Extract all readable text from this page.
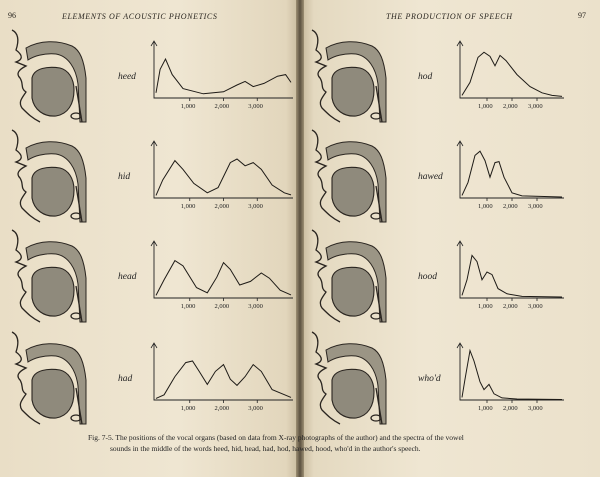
96	ELEMENTS OF ACOUSTIC PHONETICS	THE PRODUCTION OF SPEECH	97
heed
1,000	2,000	3,000
hid
1,000	2,000	3,000
head
1,000	2,000	3,000
had
1,000	2,000	3,000
hod
1,000 2,000 3,000
hawed
1,000 2,000 3,000
hood
1,000 2,000 3,000
who'd
1,000 2,000 3,000
Fig. 7-5. The positions of the vocal organs (based on data from X-ray photographs of the author) and the spectra of the vowel
sounds in the middle of the words heed, hid, head, had, hod, hawed, hood, who'd in the author's speech.
